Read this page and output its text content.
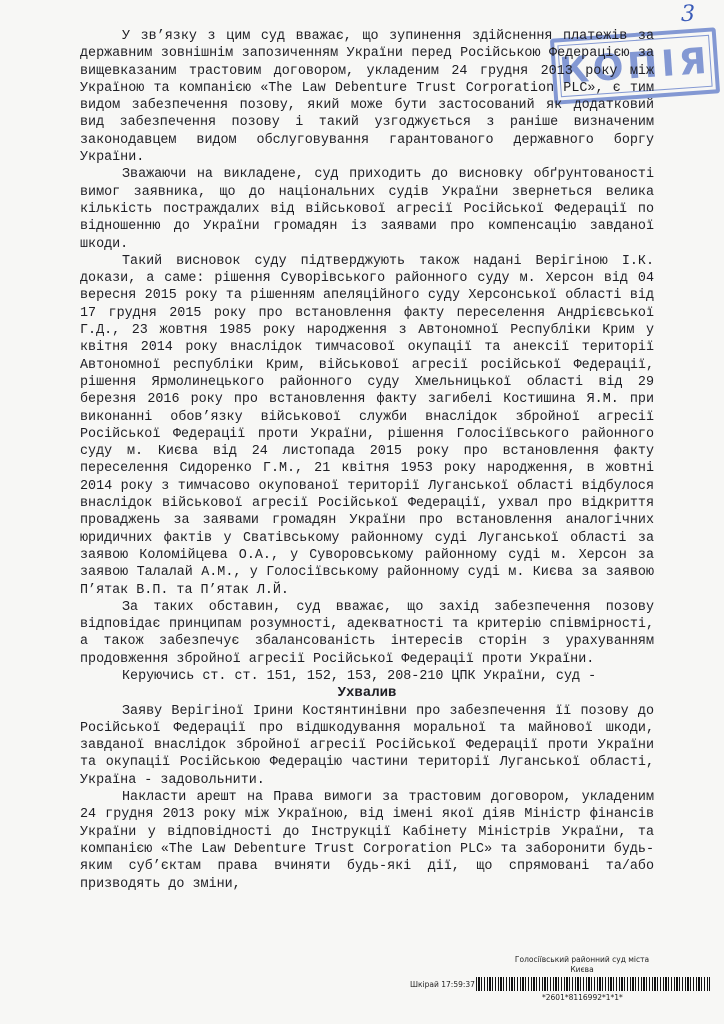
3
КОПІЯ

У зв’язку з цим суд вважає, що зупинення здійснення платежів за державним зовнішнім запозиченням України перед Російською Федерацією за вищевказаним трастовим договором, укладеним 24 грудня 2013 року між Україною та компанією «The Law Debenture Trust Corporation PLC», є тим видом забезпечення позову, який може бути застосований як додатковий вид забезпечення позову і такий узгоджується з раніше визначеним законодавцем видом обслуговування гарантованого державного боргу України.

Зважаючи на викладене, суд приходить до висновку обґрунтованості вимог заявника, що до національних судів України звернеться велика кількість постраждалих від військової агресії Російської Федерації по відношенню до України громадян із заявами про компенсацію завданої шкоди.

Такий висновок суду підтверджують також надані Верігіною І.К. докази, а саме: рішення Суворівського районного суду м. Херсон від 04 вересня 2015 року та рішенням апеляційного суду Херсонської області від 17 грудня 2015 року про встановлення факту переселення Андрієвської Г.Д., 23 жовтня 1985 року народження з Автономної Республіки Крим у квітня 2014 року внаслідок тимчасової окупації та анексії території Автономної республіки Крим, військової агресії російської Федерації, рішення Ярмолинецького районного суду Хмельницької області від 29 березня 2016 року про встановлення факту загибелі Костишина Я.М. при виконанні обов’язку військової служби внаслідок збройної агресії Російської Федерації проти України, рішення Голосіївського районного суду м. Києва від 24 листопада 2015 року про встановлення факту переселення Сидоренко Г.М., 21 квітня 1953 року народження, в жовтні 2014 року з тимчасово окупованої території Луганської області відбулося внаслідок військової агресії Російської Федерації, ухвал про відкриття проваджень за заявами громадян України про встановлення аналогічних юридичних фактів у Сватівському районному суді Луганської області за заявою Коломійцева О.А., у Суворовському районному суді м. Херсон за заявою Талалай А.М., у Голосіївському районному суді м. Києва за заявою П’ятак В.П. та П’ятак Л.Й.

За таких обставин, суд вважає, що захід забезпечення позову відповідає принципам розумності, адекватності та критерію співмірності, а також забезпечує збалансованість інтересів сторін з урахуванням продовження збройної агресії Російської Федерації проти України.

Керуючись ст. ст. 151, 152, 153, 208-210 ЦПК України, суд -

Ухвалив

Заяву Верігіної Ірини Костянтинівни про забезпечення її позову до Російської Федерації про відшкодування моральної та майнової шкоди, завданої внаслідок збройної агресії Російської Федерації проти України та окупації Російською Федерацію частини території Луганської області, Україна - задовольнити.

Накласти арешт на Права вимоги за трастовим договором, укладеним 24 грудня 2013 року між Україною, від імені якої діяв Міністр фінансів України у відповідності до Інструкції Кабінету Міністрів України, та компанією «The Law Debenture Trust Corporation PLC» та заборонити будь-яким суб’єктам права вчиняти будь-які дії, що спрямовані та/або призводять до зміни,

Голосіївський районний суд міста Києва
Шкірай 17:59:37
*2601*8116992*1*1*
